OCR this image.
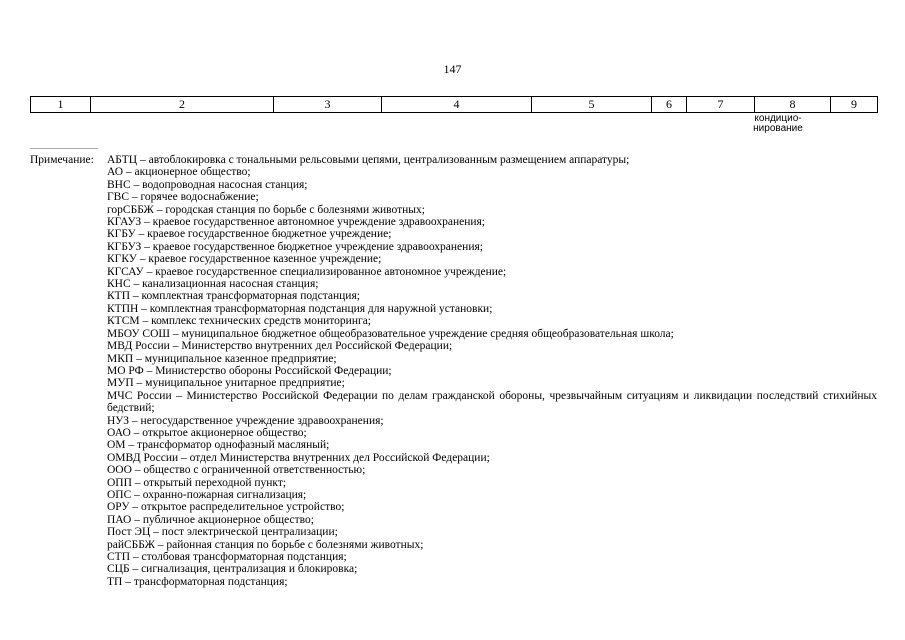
147
1	2	3	4	5	6	7	8	9
кондицио-
нирование
Примечание: АБТЦ – автоблокировка с тональными рельсовыми цепями, централизованным размещением аппаратуры;
АО – акционерное общество;
ВНС – водопроводная насосная станция;
ГВС – горячее водоснабжение;
горСББЖ – городская станция по борьбе с болезнями животных;
КГАУЗ – краевое государственное автономное учреждение здравоохранения;
КГБУ – краевое государственное бюджетное учреждение;
КГБУЗ – краевое государственное бюджетное учреждение здравоохранения;
КГКУ – краевое государственное казенное учреждение;
КГСАУ – краевое государственное специализированное автономное учреждение;
КНС – канализационная насосная станция;
КТП – комплектная трансформаторная подстанция;
КТПН – комплектная трансформаторная подстанция для наружной установки;
КТСМ – комплекс технических средств мониторинга;
МБОУ СОШ – муниципальное бюджетное общеобразовательное учреждение средняя общеобразовательная школа;
МВД России – Министерство внутренних дел Российской Федерации;
МКП – муниципальное казенное предприятие;
МО РФ – Министерство обороны Российской Федерации;
МУП – муниципальное унитарное предприятие;
МЧС России – Министерство Российской Федерации по делам гражданской обороны, чрезвычайным ситуациям и ликвидации последствий стихийных бедствий;
НУЗ – негосударственное учреждение здравоохранения;
ОАО – открытое акционерное общество;
ОМ – трансформатор однофазный масляный;
ОМВД России – отдел Министерства внутренних дел Российской Федерации;
ООО – общество с ограниченной ответственностью;
ОПП – открытый переходной пункт;
ОПС – охранно-пожарная сигнализация;
ОРУ – открытое распределительное устройство;
ПАО – публичное акционерное общество;
Пост ЭЦ – пост электрической централизации;
райСББЖ – районная станция по борьбе с болезнями животных;
СТП – столбовая трансформаторная подстанция;
СЦБ – сигнализация, централизация и блокировка;
ТП – трансформаторная подстанция;
